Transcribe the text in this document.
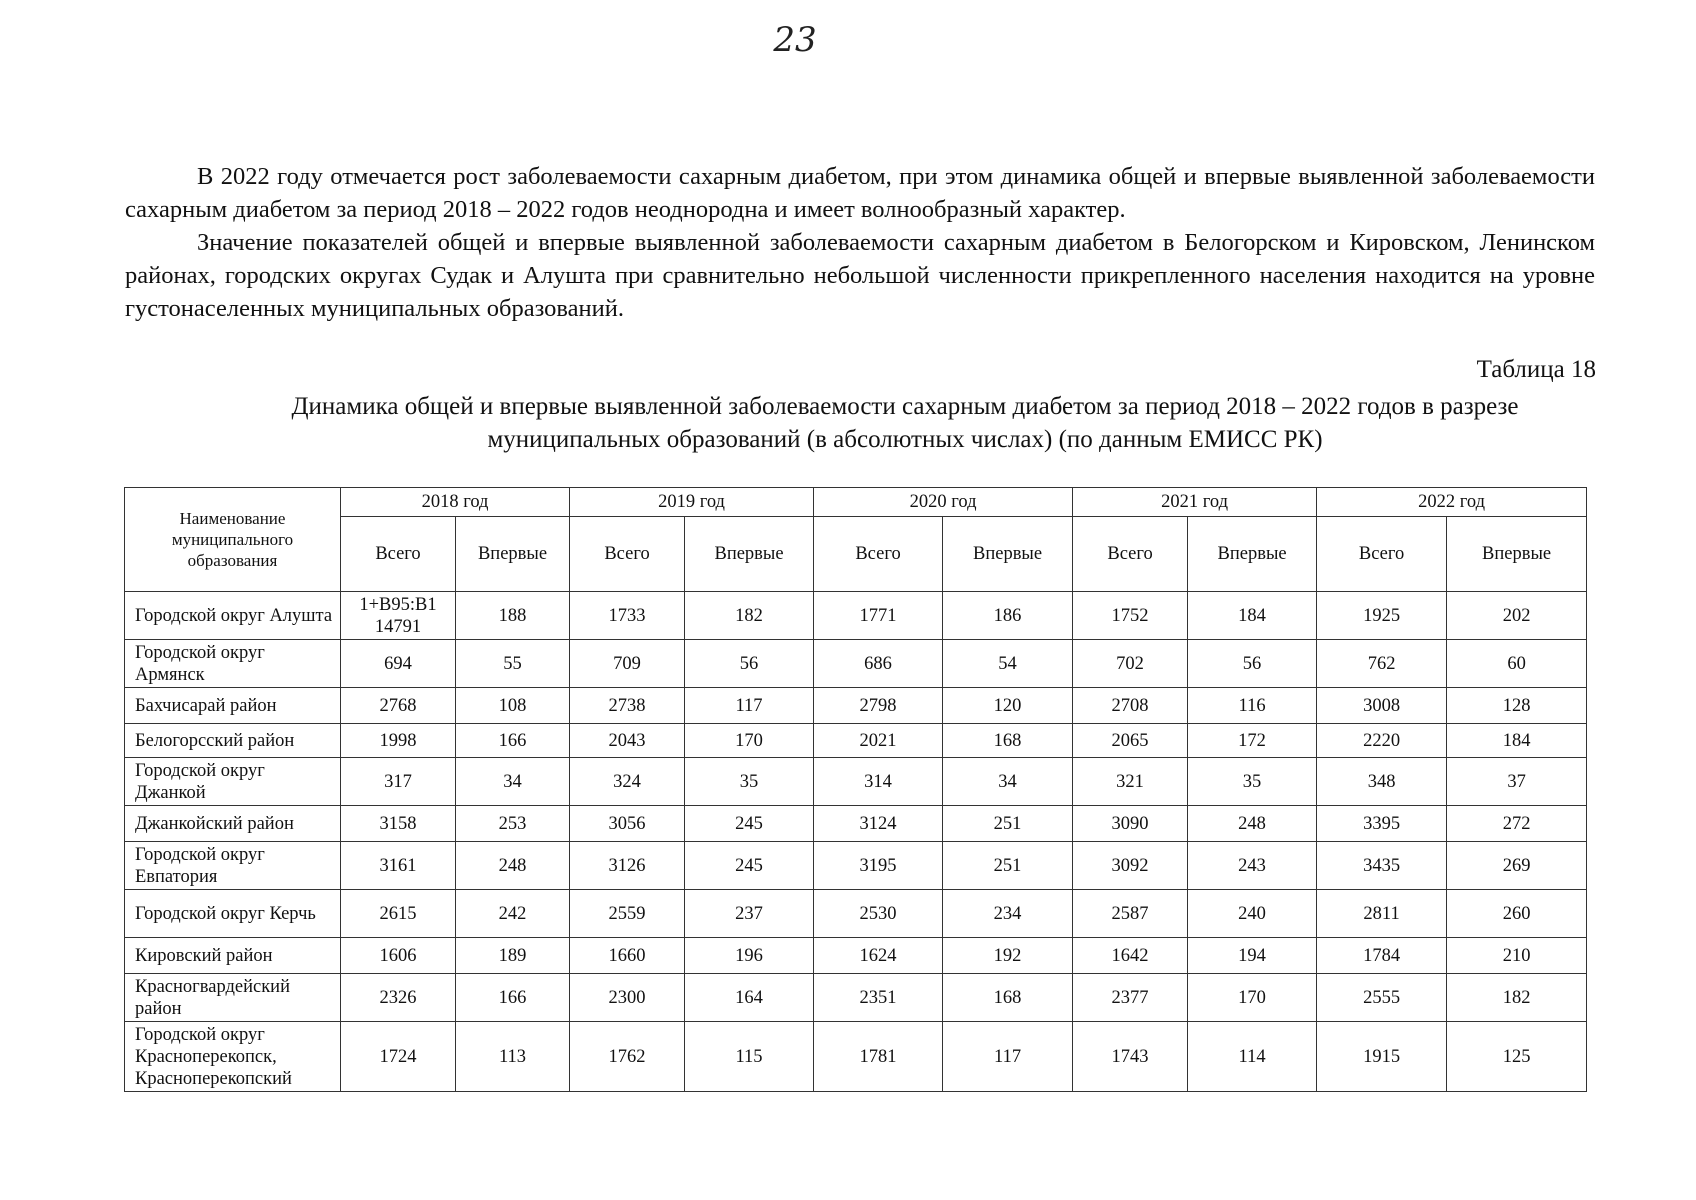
23

В 2022 году отмечается рост заболеваемости сахарным диабетом, при этом динамика общей и впервые выявленной заболеваемости сахарным диабетом за период 2018 – 2022 годов неоднородна и имеет волнообразный характер.

Значение показателей общей и впервые выявленной заболеваемости сахарным диабетом в Белогорском и Кировском, Ленинском районах, городских округах Судак и Алушта при сравнительно небольшой численности прикрепленного населения находится на уровне густонаселенных муниципальных образований.

Таблица 18
Динамика общей и впервые выявленной заболеваемости сахарным диабетом за период 2018 – 2022 годов в разрезе муниципальных образований (в абсолютных числах) (по данным ЕМИСС РК)
Наименование муниципального образования	2018 год		2019 год		2020 год		2021 год		2022 год	
	Всего	Впервые	Всего	Впервые	Всего	Впервые	Всего	Впервые	Всего	Впервые
Городской округ Алушта	1+B95:B1 14791	188	1733	182	1771	186	1752	184	1925	202
Городской округ Армянск	694	55	709	56	686	54	702	56	762	60
Бахчисарай район	2768	108	2738	117	2798	120	2708	116	3008	128
Белогорсский район	1998	166	2043	170	2021	168	2065	172	2220	184
Городской округ Джанкой	317	34	324	35	314	34	321	35	348	37
Джанкойский район	3158	253	3056	245	3124	251	3090	248	3395	272
Городской округ Евпатория	3161	248	3126	245	3195	251	3092	243	3435	269
Городской округ Керчь	2615	242	2559	237	2530	234	2587	240	2811	260
Кировский район	1606	189	1660	196	1624	192	1642	194	1784	210
Красногвардейский район	2326	166	2300	164	2351	168	2377	170	2555	182
Городской округ Красноперекопск, Красноперекопский	1724	113	1762	115	1781	117	1743	114	1915	125
